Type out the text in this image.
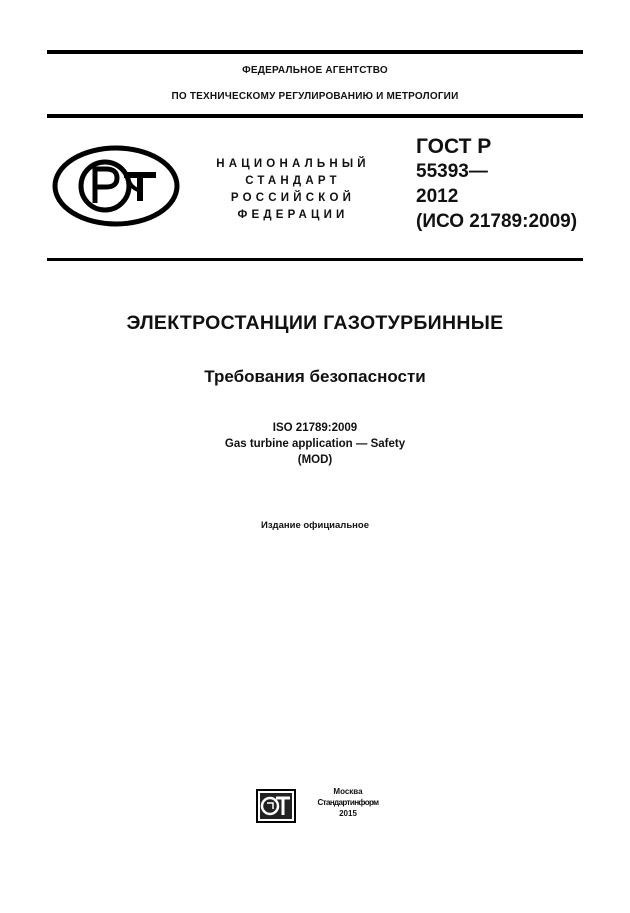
ФЕДЕРАЛЬНОЕ АГЕНТСТВО
ПО ТЕХНИЧЕСКОМУ РЕГУЛИРОВАНИЮ И МЕТРОЛОГИИ
НАЦИОНАЛЬНЫЙ
СТАНДАРТ
РОССИЙСКОЙ
ФЕДЕРАЦИИ
ГОСТ Р
55393—
2012
(ИСО 21789:2009)
ЭЛЕКТРОСТАНЦИИ ГАЗОТУРБИННЫЕ
Требования безопасности
ISO 21789:2009
Gas turbine application — Safety
(MOD)
Издание официальное
Москва
Стандартинформ
2015
